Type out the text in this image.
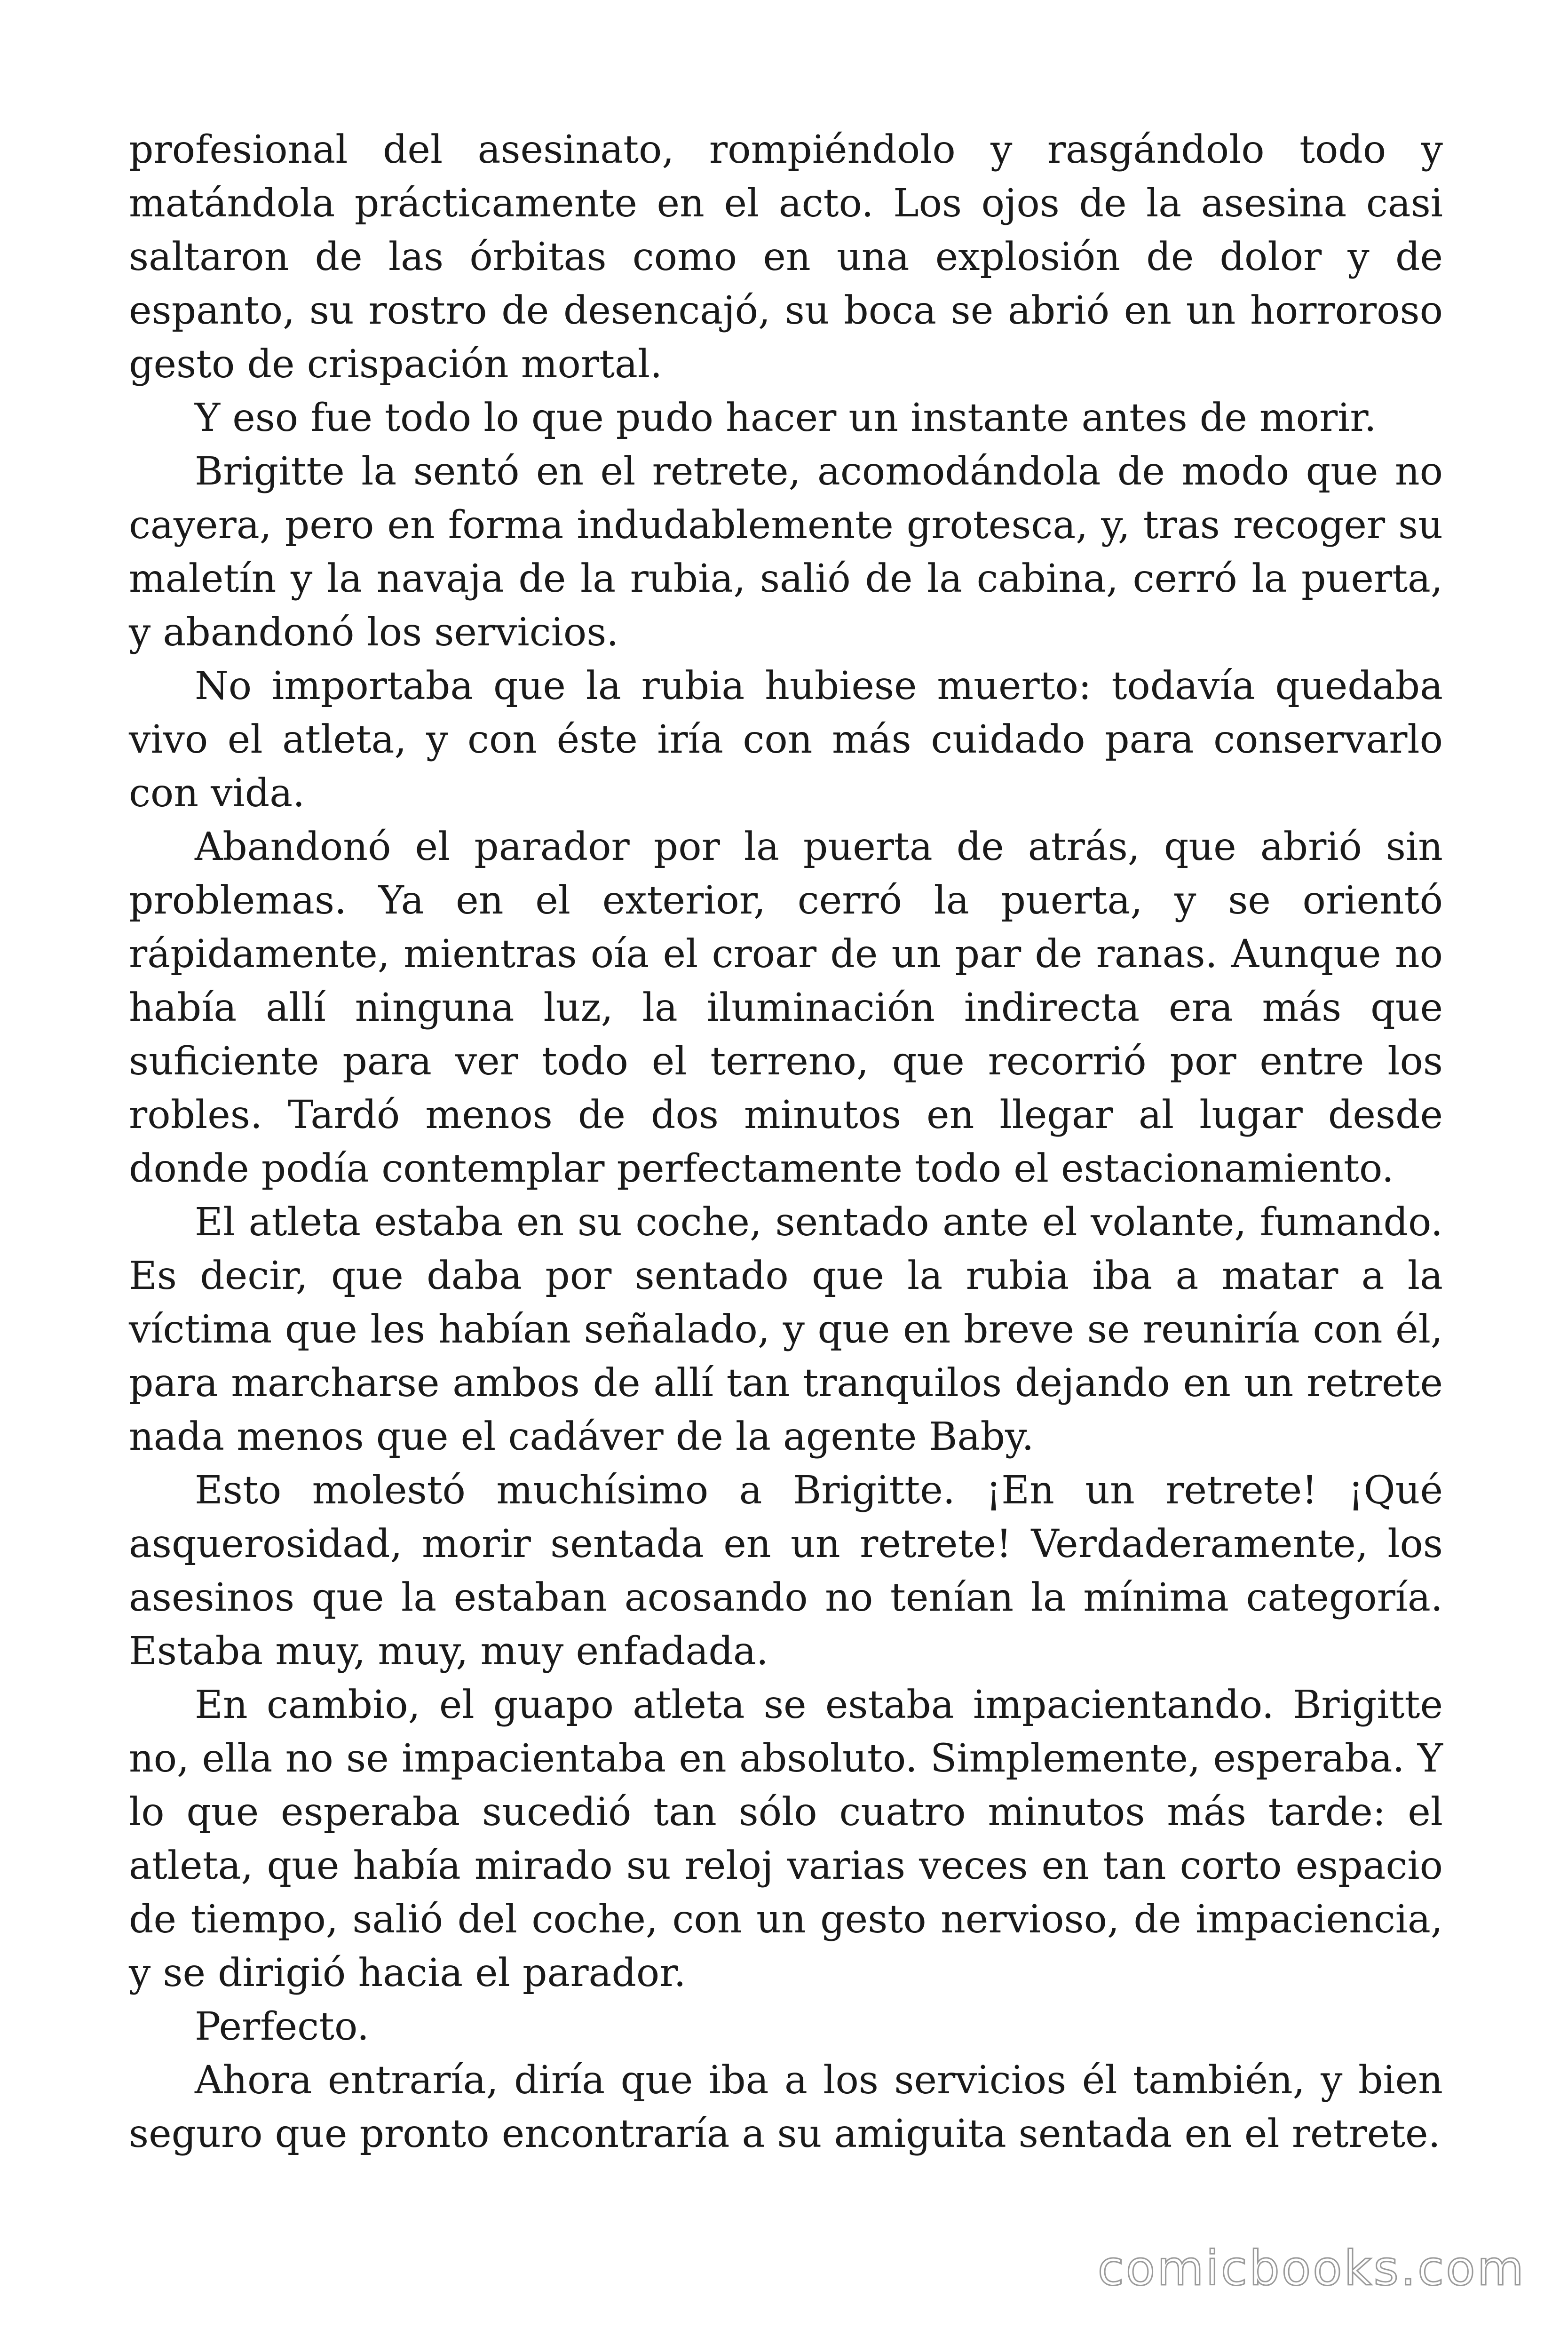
profesional del asesinato, rompiéndolo y rasgándolo todo y matándola prácticamente en el acto. Los ojos de la asesina casi saltaron de las órbitas como en una explosión de dolor y de espanto, su rostro de desencajó, su boca se abrió en un horroroso gesto de crispación mortal.

Y eso fue todo lo que pudo hacer un instante antes de morir.

Brigitte la sentó en el retrete, acomodándola de modo que no cayera, pero en forma indudablemente grotesca, y, tras recoger su maletín y la navaja de la rubia, salió de la cabina, cerró la puerta, y abandonó los servicios.

No importaba que la rubia hubiese muerto: todavía quedaba vivo el atleta, y con éste iría con más cuidado para conservarlo con vida.

Abandonó el parador por la puerta de atrás, que abrió sin problemas. Ya en el exterior, cerró la puerta, y se orientó rápidamente, mientras oía el croar de un par de ranas. Aunque no había allí ninguna luz, la iluminación indirecta era más que suficiente para ver todo el terreno, que recorrió por entre los robles. Tardó menos de dos minutos en llegar al lugar desde donde podía contemplar perfectamente todo el estacionamiento.

El atleta estaba en su coche, sentado ante el volante, fumando. Es decir, que daba por sentado que la rubia iba a matar a la víctima que les habían señalado, y que en breve se reuniría con él, para marcharse ambos de allí tan tranquilos dejando en un retrete nada menos que el cadáver de la agente Baby.

Esto molestó muchísimo a Brigitte. ¡En un retrete! ¡Qué asquerosidad, morir sentada en un retrete! Verdaderamente, los asesinos que la estaban acosando no tenían la mínima categoría. Estaba muy, muy, muy enfadada.

En cambio, el guapo atleta se estaba impacientando. Brigitte no, ella no se impacientaba en absoluto. Simplemente, esperaba. Y lo que esperaba sucedió tan sólo cuatro minutos más tarde: el atleta, que había mirado su reloj varias veces en tan corto espacio de tiempo, salió del coche, con un gesto nervioso, de impaciencia, y se dirigió hacia el parador.

Perfecto.

Ahora entraría, diría que iba a los servicios él también, y bien seguro que pronto encontraría a su amiguita sentada en el retrete.

comicbooks.com
